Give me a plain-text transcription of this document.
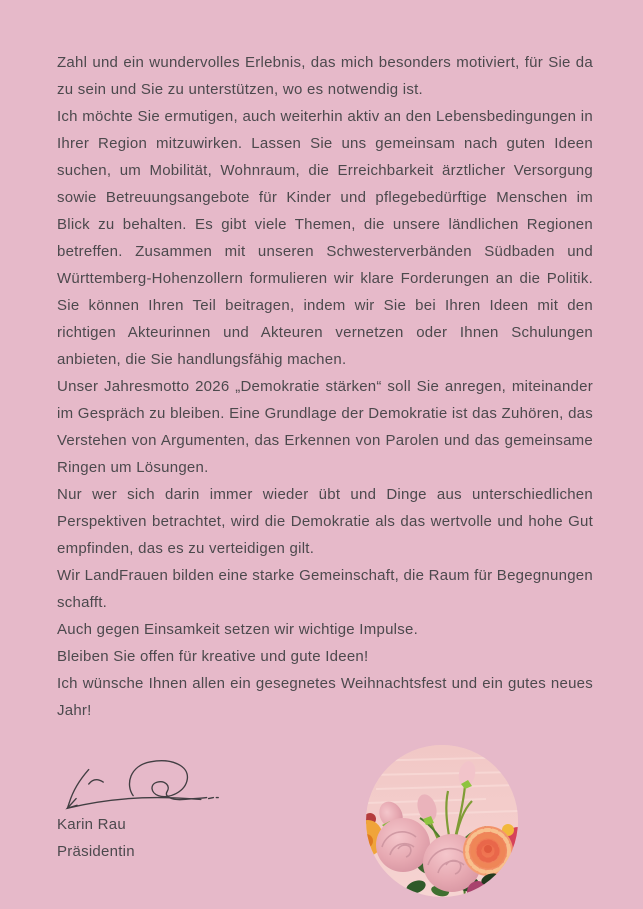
Zahl und ein wundervolles Erlebnis, das mich besonders motiviert, für Sie da zu sein und Sie zu unterstützen, wo es notwendig ist.

Ich möchte Sie ermutigen, auch weiterhin aktiv an den Lebensbedingungen in Ihrer Region mitzuwirken. Lassen Sie uns gemeinsam nach guten Ideen suchen, um Mobilität, Wohnraum, die Erreichbarkeit ärztlicher Versorgung sowie Betreuungsangebote für Kinder und pflegebedürftige Menschen im Blick zu behalten. Es gibt viele Themen, die unsere ländlichen Regionen betreffen. Zusammen mit unseren Schwesterverbänden Südbaden und Württemberg-Hohenzollern formulieren wir klare Forderungen an die Politik. Sie können Ihren Teil beitragen, indem wir Sie bei Ihren Ideen mit den richtigen Akteurinnen und Akteuren vernetzen oder Ihnen Schulungen anbieten, die Sie handlungsfähig machen.

Unser Jahresmotto 2026 „Demokratie stärken“ soll Sie anregen, miteinander im Gespräch zu bleiben. Eine Grundlage der Demokratie ist das Zuhören, das Verstehen von Argumenten, das Erkennen von Parolen und das gemeinsame Ringen um Lösungen.

Nur wer sich darin immer wieder übt und Dinge aus unterschiedlichen Perspektiven betrachtet, wird die Demokratie als das wertvolle und hohe Gut empfinden, das es zu verteidigen gilt.

Wir LandFrauen bilden eine starke Gemeinschaft, die Raum für Begegnungen schafft.

Auch gegen Einsamkeit setzen wir wichtige Impulse.

Bleiben Sie offen für kreative und gute Ideen!

Ich wünsche Ihnen allen ein gesegnetes Weihnachtsfest und ein gutes neues Jahr!

Karin Rau
Präsidentin
